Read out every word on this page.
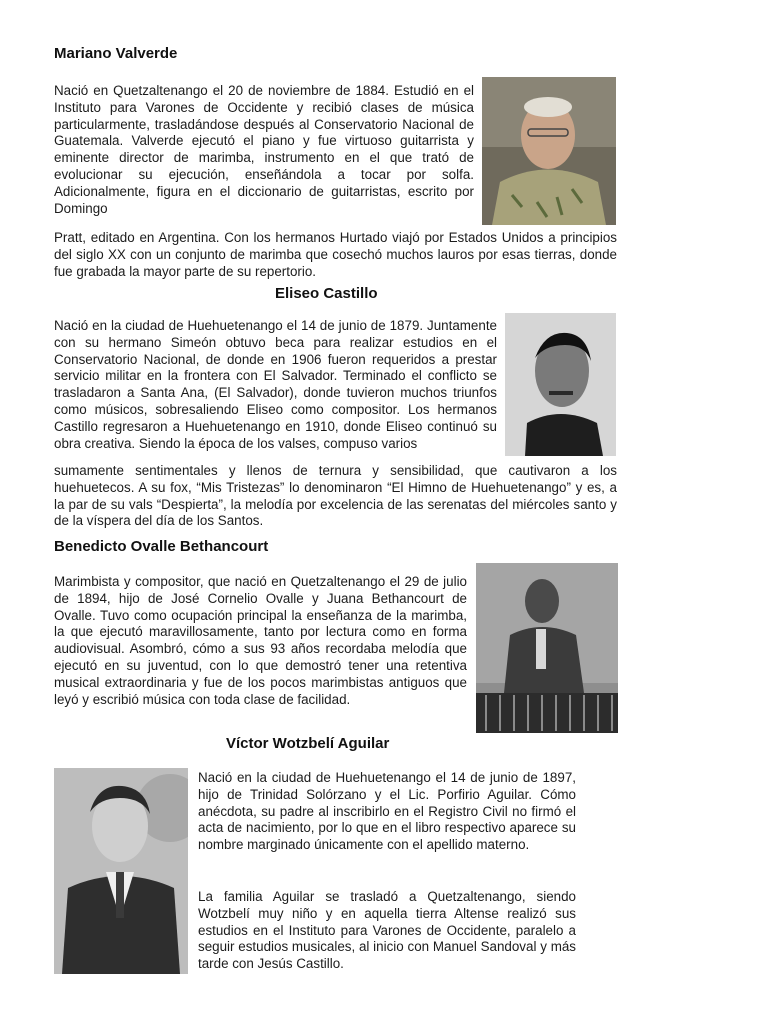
Mariano Valverde

Nació en Quetzaltenango el 20 de noviembre de 1884. Estudió en el Instituto para Varones de Occidente y recibió clases de música particularmente, trasladándose después al Conservatorio Nacional de Guatemala. Valverde ejecutó el piano y fue virtuoso guitarrista y eminente director de marimba, instrumento en el que trató de evolucionar su ejecución, enseñándola a tocar por solfa. Adicionalmente, figura en el diccionario de guitarristas, escrito por Domingo

Pratt, editado en Argentina. Con los hermanos Hurtado viajó por Estados Unidos a principios del siglo XX con un conjunto de marimba que cosechó muchos lauros por esas tierras, donde fue grabada la mayor parte de su repertorio.

Eliseo Castillo

Nació en la ciudad de Huehuetenango el 14 de junio de 1879. Juntamente con su hermano Simeón obtuvo beca para realizar estudios en el Conservatorio Nacional, de donde en 1906 fueron requeridos a prestar servicio militar en la frontera con El Salvador. Terminado el conflicto se trasladaron a Santa Ana, (El Salvador), donde tuvieron muchos triunfos como músicos, sobresaliendo Eliseo como compositor. Los hermanos Castillo regresaron a Huehuetenango en 1910, donde Eliseo continuó su obra creativa. Siendo la época de los valses, compuso varios

sumamente sentimentales y llenos de ternura y sensibilidad, que cautivaron a los huehuetecos. A su fox, “Mis Tristezas” lo denominaron “El Himno de Huehuetenango” y es, a la par de su vals “Despierta”, la melodía por excelencia de las serenatas del miércoles santo y de la víspera del día de los Santos.

Benedicto Ovalle Bethancourt

Marimbista y compositor, que nació en Quetzaltenango el 29 de julio de 1894, hijo de José Cornelio Ovalle y Juana Bethancourt de Ovalle. Tuvo como ocupación principal la enseñanza de la marimba, la que ejecutó maravillosamente, tanto por lectura como en forma audiovisual. Asombró, cómo a sus 93 años recordaba melodía que ejecutó en su juventud, con lo que demostró tener una retentiva musical extraordinaria y fue de los pocos marimbistas antiguos que leyó y escribió música con toda clase de facilidad.

Víctor Wotzbelí Aguilar

Nació en la ciudad de Huehuetenango el 14 de junio de 1897, hijo de Trinidad Solórzano y el Lic. Porfirio Aguilar. Cómo anécdota, su padre al inscribirlo en el Registro Civil no firmó el acta de nacimiento, por lo que en el libro respectivo aparece su nombre marginado únicamente con el apellido materno.

La familia Aguilar se trasladó a Quetzaltenango, siendo Wotzbelí muy niño y en aquella tierra Altense realizó sus estudios en el Instituto para Varones de Occidente, paralelo a seguir estudios musicales, al inicio con Manuel Sandoval y más tarde con Jesús Castillo.
